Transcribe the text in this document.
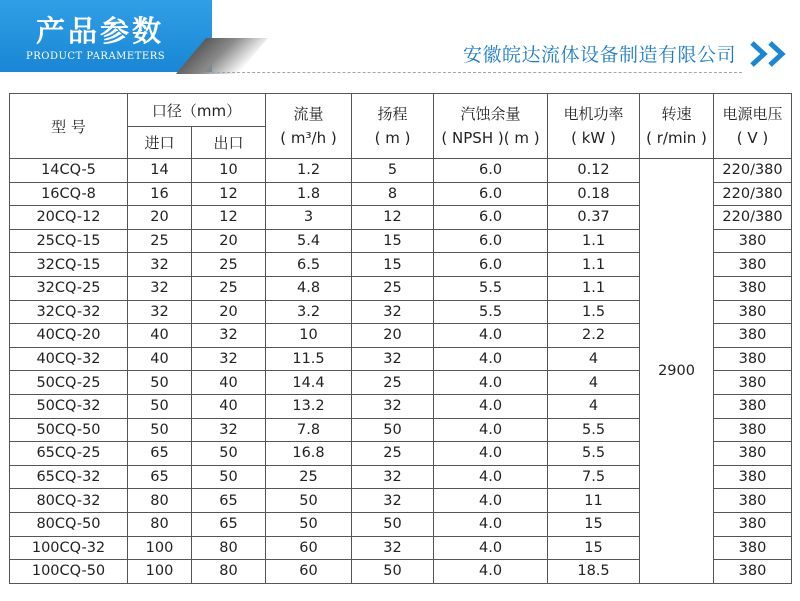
产品参数
PRODUCT PARAMETERS	安徽皖达流体设备制造有限公司
型 号	口径（mm）		流量
( m³/h )	扬程
( m )	汽蚀余量
( NPSH )( m )	电机功率
( kW )	转速
( r/min )	电源电压
( V )
	进口	出口						
14CQ-5	14	10	1.2	5	6.0	0.12	2900	220/380
16CQ-8	16	12	1.8	8	6.0	0.18		220/380
20CQ-12	20	12	3	12	6.0	0.37		220/380
25CQ-15	25	20	5.4	15	6.0	1.1		380
32CQ-15	32	25	6.5	15	6.0	1.1		380
32CQ-25	32	25	4.8	25	5.5	1.1		380
32CQ-32	32	20	3.2	32	5.5	1.5		380
40CQ-20	40	32	10	20	4.0	2.2		380
40CQ-32	40	32	11.5	32	4.0	4		380
50CQ-25	50	40	14.4	25	4.0	4		380
50CQ-32	50	40	13.2	32	4.0	4		380
50CQ-50	50	32	7.8	50	4.0	5.5		380
65CQ-25	65	50	16.8	25	4.0	5.5		380
65CQ-32	65	50	25	32	4.0	7.5		380
80CQ-32	80	65	50	32	4.0	11		380
80CQ-50	80	65	50	50	4.0	15		380
100CQ-32	100	80	60	32	4.0	15		380
100CQ-50	100	80	60	50	4.0	18.5		380
